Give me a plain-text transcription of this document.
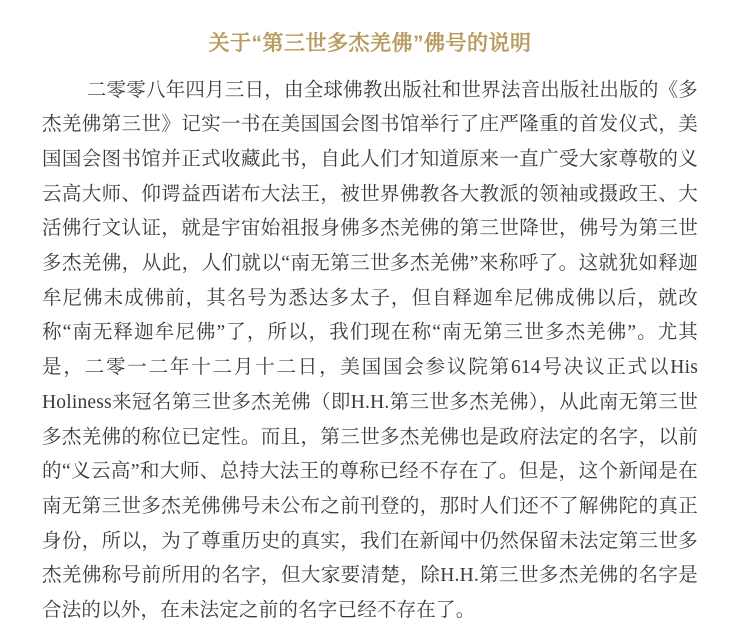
关于“第三世多杰羌佛”佛号的说明

二零零八年四月三日，由全球佛教出版社和世界法音出版社出版的《多杰羌佛第三世》记实一书在美国国会图书馆举行了庄严隆重的首发仪式，美国国会图书馆并正式收藏此书，自此人们才知道原来一直广受大家尊敬的义云高大师、仰谔益西诺布大法王，被世界佛教各大教派的领袖或摄政王、大活佛行文认证，就是宇宙始祖报身佛多杰羌佛的第三世降世，佛号为第三世多杰羌佛，从此，人们就以“南无第三世多杰羌佛”来称呼了。这就犹如释迦牟尼佛未成佛前，其名号为悉达多太子，但自释迦牟尼佛成佛以后，就改称“南无释迦牟尼佛”了，所以，我们现在称“南无第三世多杰羌佛”。尤其是，二零一二年十二月十二日，美国国会参议院第614号决议正式以His Holiness来冠名第三世多杰羌佛（即H.H.第三世多杰羌佛），从此南无第三世多杰羌佛的称位已定性。而且，第三世多杰羌佛也是政府法定的名字，以前的“义云高”和大师、总持大法王的尊称已经不存在了。但是，这个新闻是在南无第三世多杰羌佛佛号未公布之前刊登的，那时人们还不了解佛陀的真正身份，所以，为了尊重历史的真实，我们在新闻中仍然保留未法定第三世多杰羌佛称号前所用的名字，但大家要清楚，除H.H.第三世多杰羌佛的名字是合法的以外，在未法定之前的名字已经不存在了。
